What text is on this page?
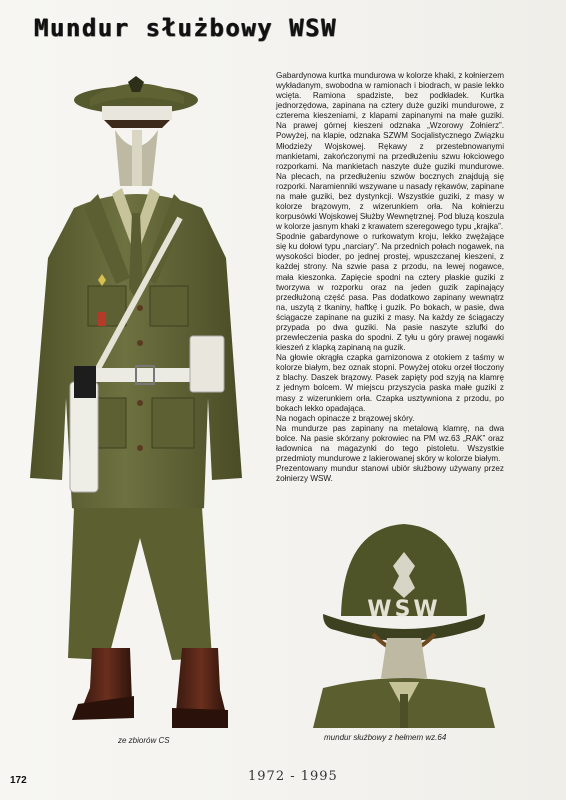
Mundur służbowy WSW
WSW

Gabardynowa kurtka mundurowa w kolorze khaki, z kołnierzem wykładanym, swobodna w ramionach i biodrach, w pasie lekko wcięta. Ramiona spadziste, bez podkładek. Kurtka jednorzędowa, zapinana na cztery duże guziki mundurowe, z czterema kieszeniami, z klapami zapinanymi na małe guziki. Na prawej górnej kieszeni odznaka „Wzorowy Żołnierz”. Powyżej, na klapie, odznaka SZWM Socjalistycznego Związku Młodzieży Wojskowej. Rękawy z przestebnowanymi mankietami, zakończonymi na przedłużeniu szwu łokciowego rozporkami. Na mankietach naszyte duże guziki mundurowe. Na plecach, na przedłużeniu szwów bocznych znajdują się rozporki. Naramienniki wszywane u nasady rękawów, zapinane na małe guziki, bez dystynkcji. Wszystkie guziki, z masy w kolorze brązowym, z wizerunkiem orła. Na kołnierzu korpusówki Wojskowej Służby Wewnętrznej. Pod bluzą koszula w kolorze jasnym khaki z krawatem szeregowego typu „krajka”.

Spodnie gabardynowe o rurkowatym kroju, lekko zwężające się ku dołowi typu „narciary”. Na przednich połach nogawek, na wysokości bioder, po jednej prostej, wpuszczanej kieszeni, z każdej strony. Na szwie pasa z przodu, na lewej nogawce, mała kieszonka. Zapięcie spodni na cztery płaskie guziki z tworzywa w rozporku oraz na jeden guzik zapinający przedłużoną część pasa. Pas dodatkowo zapinany wewnątrz na, uszytą z tkaniny, haftkę i guzik. Po bokach, w pasie, dwa ściągacze zapinane na guziki z masy. Na każdy ze ściągaczy przypada po dwa guziki. Na pasie naszyte szlufki do przewleczenia paska do spodni. Z tyłu u góry prawej nogawki kieszeń z klapką zapinaną na guzik.

Na głowie okrągła czapka garnizonowa z otokiem z taśmy w kolorze białym, bez oznak stopni. Powyżej otoku orzeł tłoczony z blachy. Daszek brązowy. Pasek zapięty pod szyją na klamrę z jednym bolcem. W miejscu przyszycia paska małe guziki z masy z wizerunkiem orła. Czapka usztywniona z przodu, po bokach lekko opadająca.

Na nogach opinacze z brązowej skóry.

Na mundurze pas zapinany na metalową klamrę, na dwa bolce. Na pasie skórzany pokrowiec na PM wz.63 „RAK” oraz ładownica na magazynki do tego pistoletu. Wszystkie przedmioty mundurowe z lakierowanej skóry w kolorze białym.

Prezentowany mundur stanowi ubiór służbowy używany przez żołnierzy WSW.

ze zbiorów CS	mundur służbowy z hełmem wz.64
172	1972 - 1995
